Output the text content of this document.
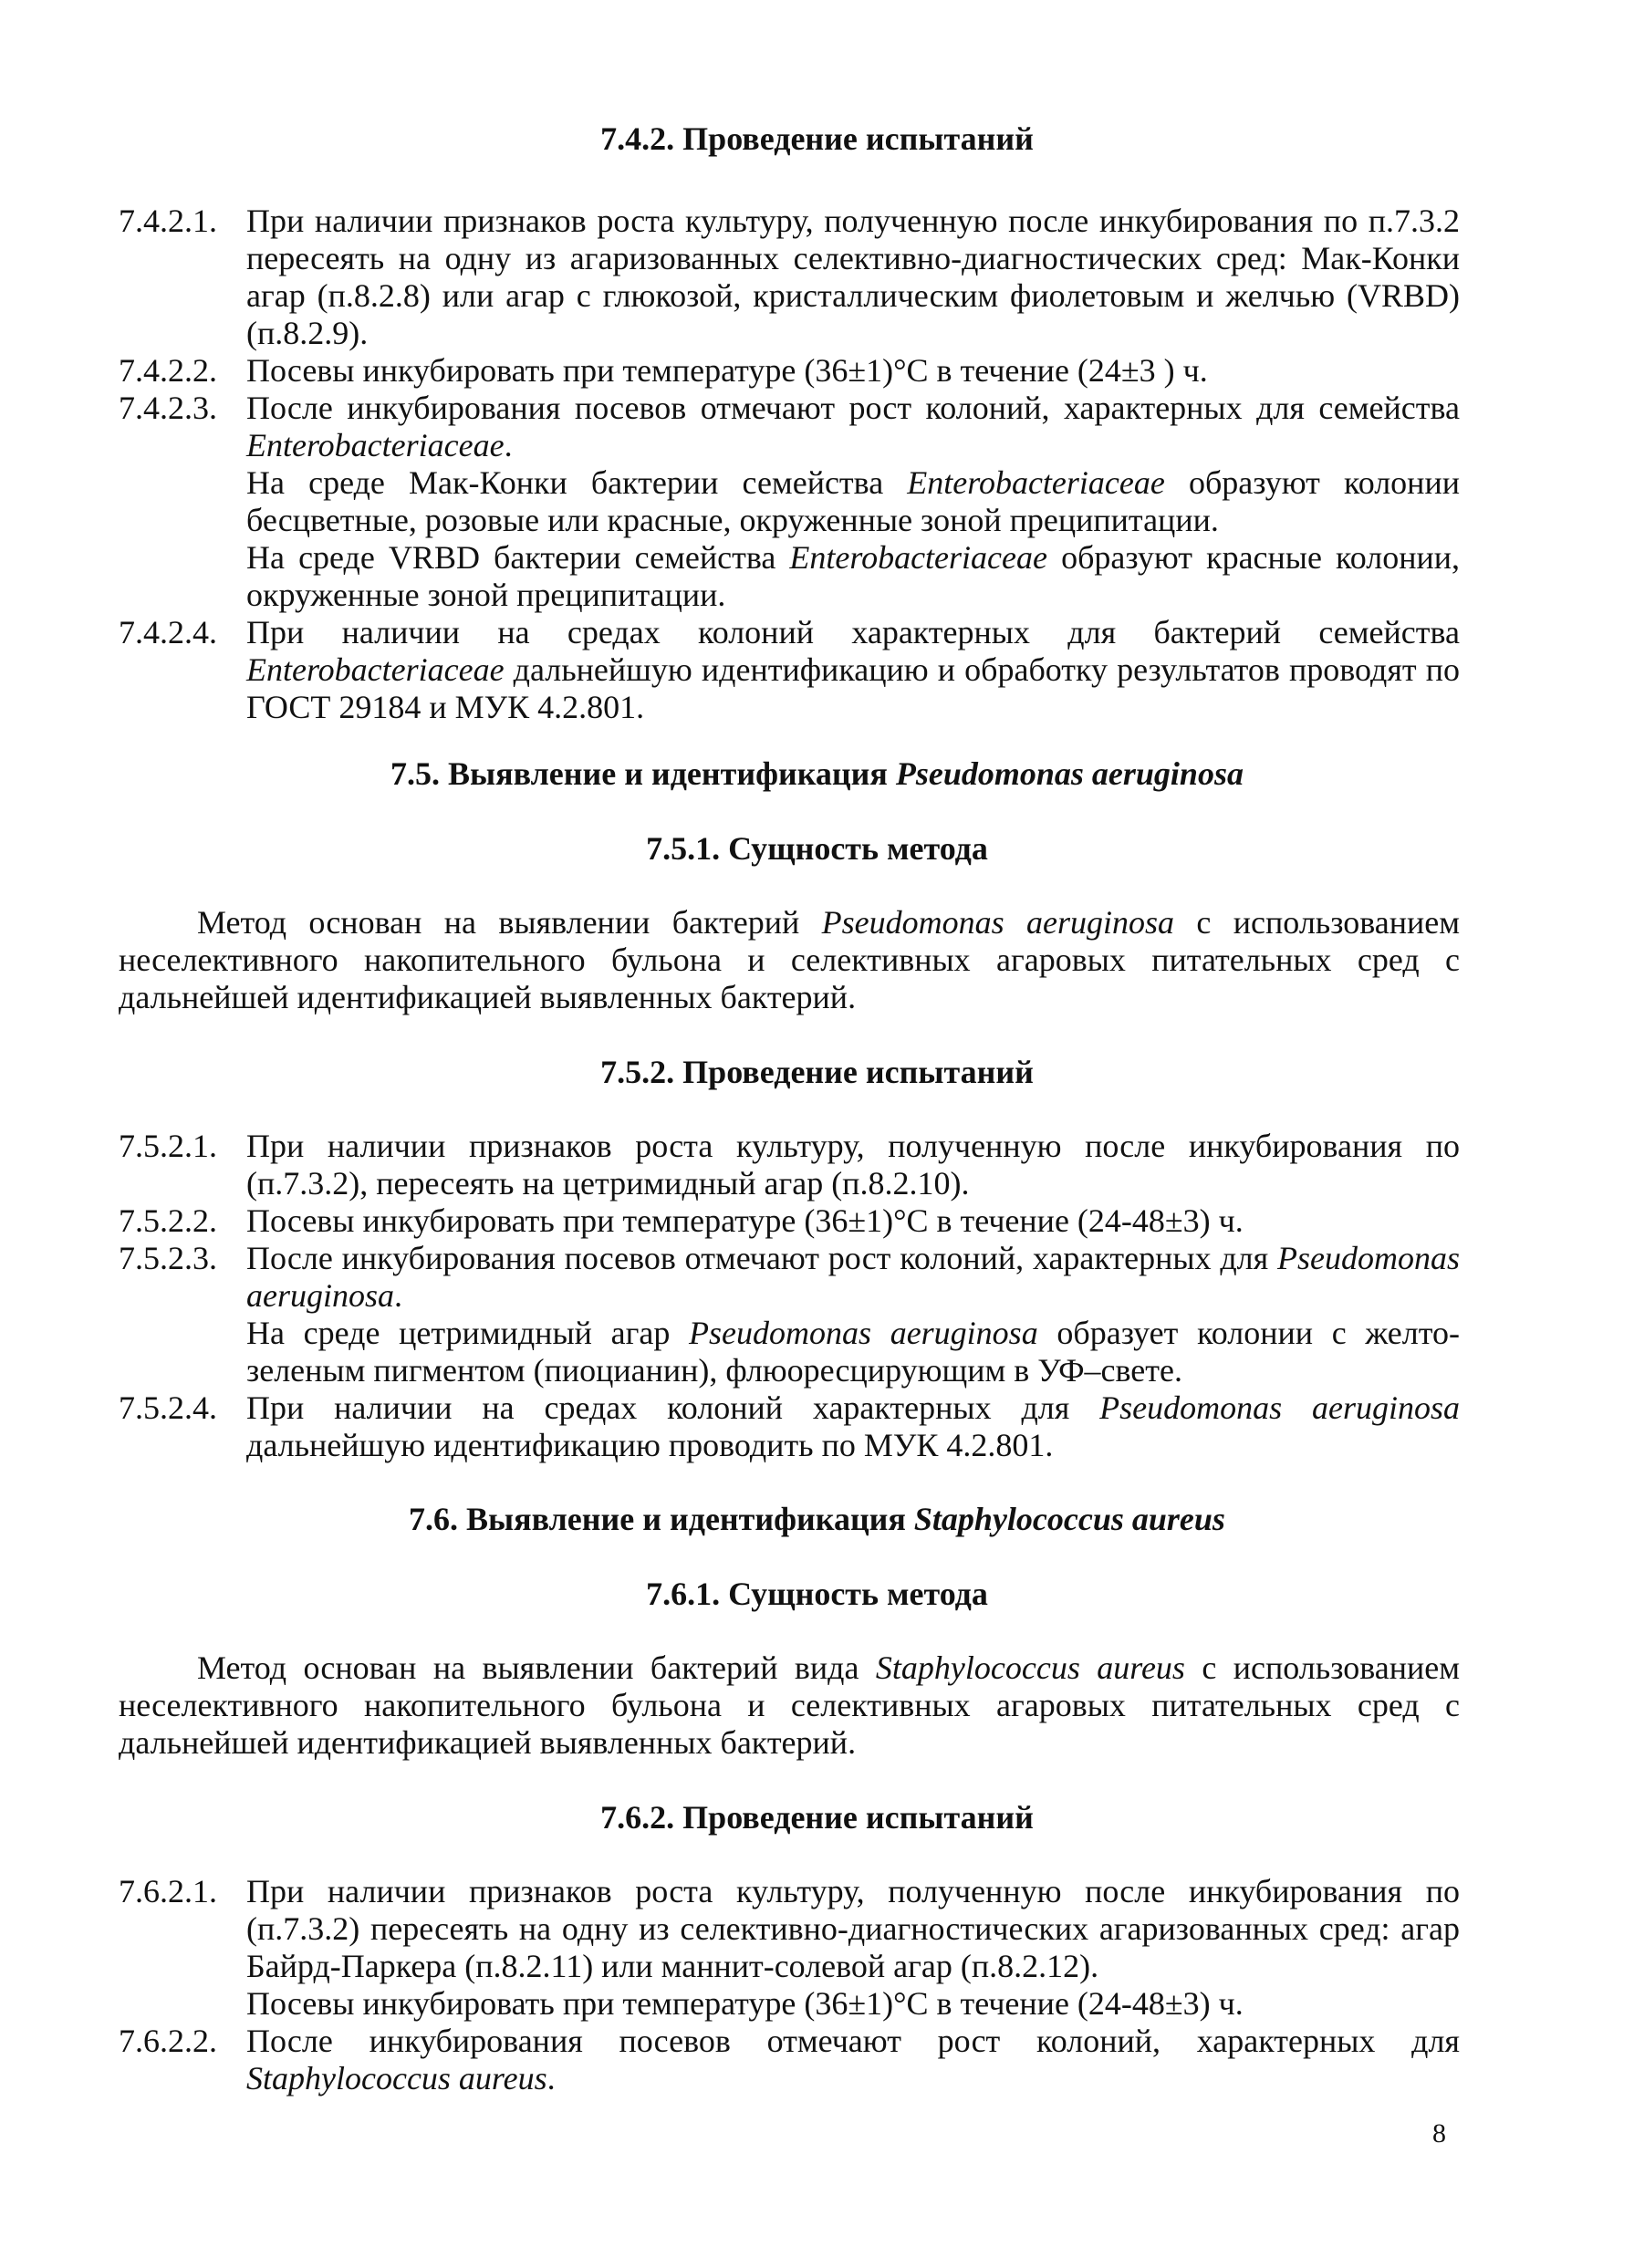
7.4.2. Проведение испытаний
7.4.2.1. При наличии признаков роста культуру, полученную после инкубирования по п.7.3.2 пересеять на одну из агаризованных селективно-диагностических сред: Мак-Конки агар (п.8.2.8) или агар с глюкозой, кристаллическим фиолетовым и желчью (VRBD) (п.8.2.9).

7.4.2.2. Посевы инкубировать при температуре (36±1)°С в течение (24±3 ) ч.

7.4.2.3. После инкубирования посевов отмечают рост колоний, характерных для семейства Enterobacteriaceae.

На среде Мак-Конки бактерии семейства Enterobacteriaceae образуют колонии бесцветные, розовые или красные, окруженные зоной преципитации.

На среде VRBD бактерии семейства Enterobacteriaceae образуют красные колонии, окруженные зоной преципитации.

7.4.2.4. При наличии на средах колоний характерных для бактерий семейства Enterobacteriaceae дальнейшую идентификацию и обработку результатов проводят по ГОСТ 29184 и МУК 4.2.801.

7.5. Выявление и идентификация Pseudomonas aeruginosa
7.5.1. Сущность метода
Метод основан на выявлении бактерий Pseudomonas aeruginosa с использованием неселективного накопительного бульона и селективных агаровых питательных сред с дальнейшей идентификацией выявленных бактерий.
7.5.2. Проведение испытаний
7.5.2.1. При наличии признаков роста культуру, полученную после инкубирования по (п.7.3.2), пересеять на цетримидный агар (п.8.2.10).

7.5.2.2. Посевы инкубировать при температуре (36±1)°С в течение (24-48±3) ч.

7.5.2.3. После инкубирования посевов отмечают рост колоний, характерных для Pseudomonas aeruginosa.

На среде цетримидный агар Pseudomonas aeruginosa образует колонии с желто-зеленым пигментом (пиоцианин), флюоресцирующим в УФ–свете.

7.5.2.4. При наличии на средах колоний характерных для Pseudomonas aeruginosa дальнейшую идентификацию проводить по МУК 4.2.801.

7.6. Выявление и идентификация Staphylococcus aureus
7.6.1. Сущность метода
Метод основан на выявлении бактерий вида Staphylococcus aureus с использованием неселективного накопительного бульона и селективных агаровых питательных сред с дальнейшей идентификацией выявленных бактерий.
7.6.2. Проведение испытаний
7.6.2.1. При наличии признаков роста культуру, полученную после инкубирования по (п.7.3.2) пересеять на одну из селективно-диагностических агаризованных сред: агар Байрд-Паркера (п.8.2.11) или маннит-солевой агар (п.8.2.12).

Посевы инкубировать при температуре (36±1)°С в течение (24-48±3) ч.

7.6.2.2. После инкубирования посевов отмечают рост колоний, характерных для Staphylococcus aureus.

8
